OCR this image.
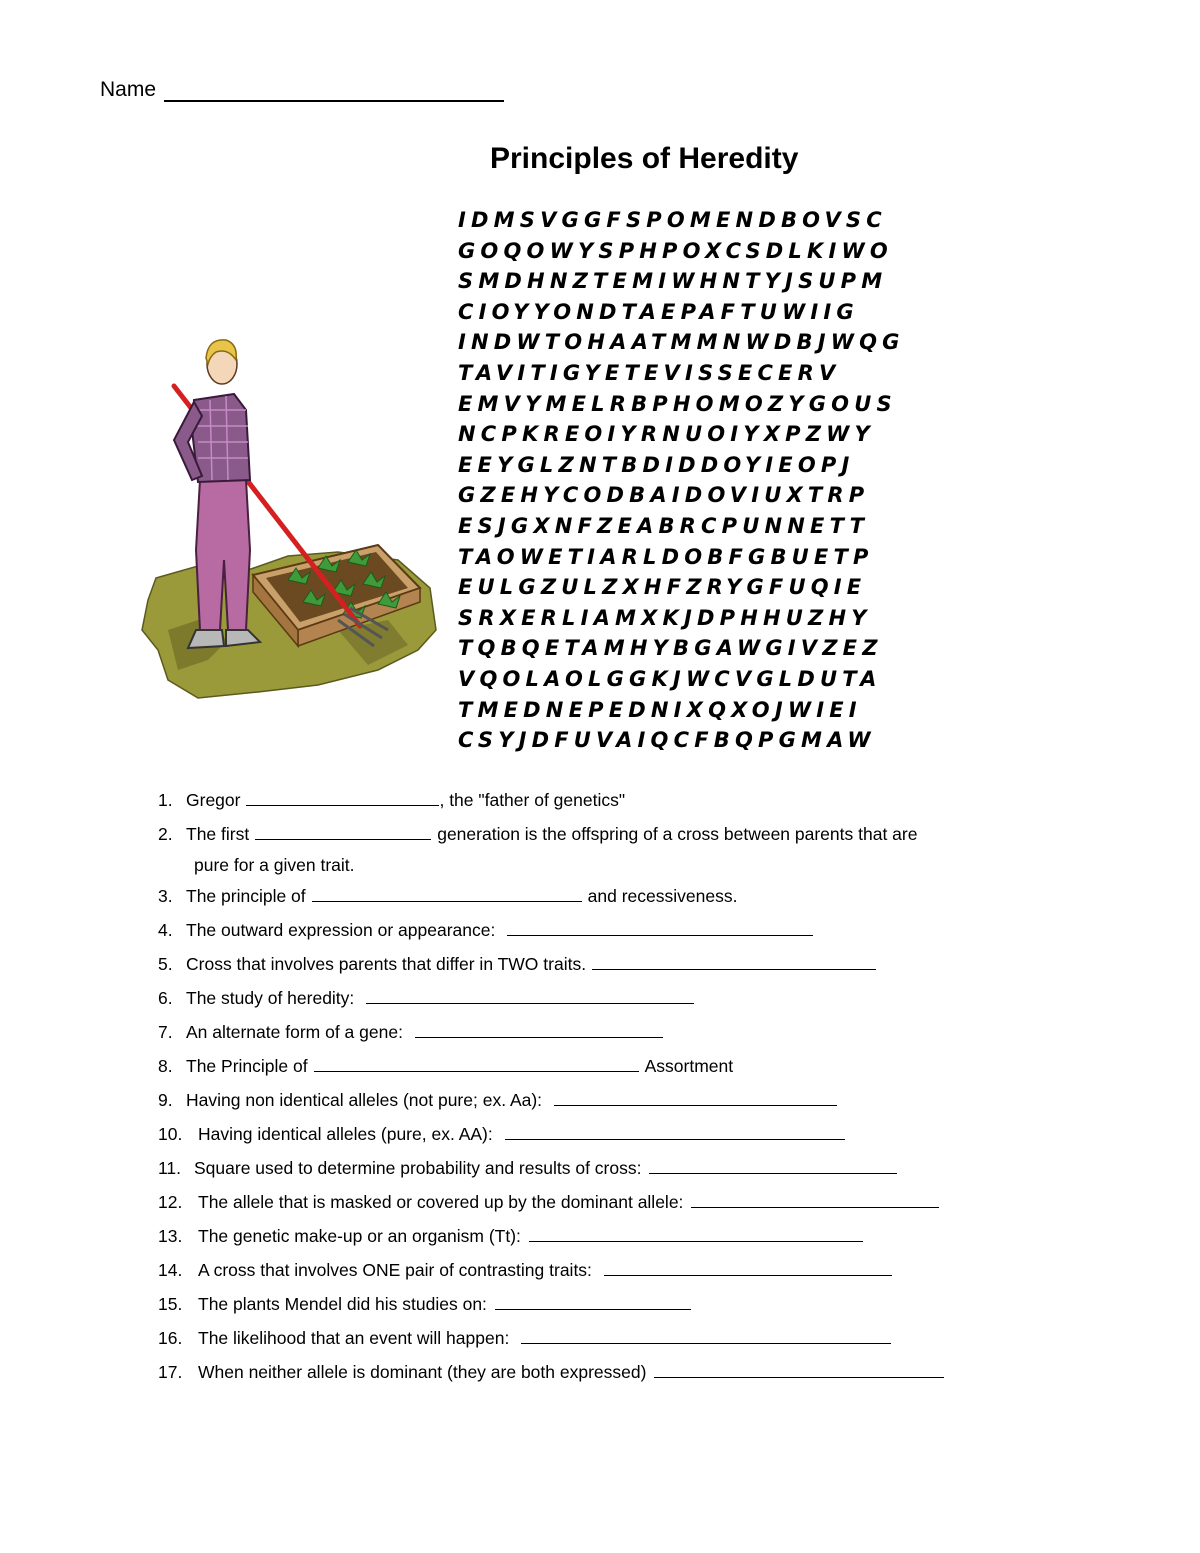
Name
Principles of Heredity
IDMSVGGFSPOMENDBOVSC
GOQOWYSPHPOXCSDLKIWO
SMDHNZTEMIWHNTYJSUPM
CIOYYONDTAEPAFTUWIIG
INDWTOHAATMMNWDBJWQG
TAVITIGYETEVISSECERV
EMVYMELRBPHOMOZYGOUS
NCPKREOIYRNUOIYXPZWY
EEYGLZNTBDIDDOYIEOPJ
GZEHYCODBAIDOVIUXTRP
ESJGXNFZEABRCPUNNETT
TAOWETIARLDOBFGBUETP
EULGZULZXHFZRYGFUQIE
SRXERLIAMXKJDPHHUZHY
TQBQETAMHYBGAWGIVZEZ
VQOLAOLGGKJWCVGLDUTA
TMEDNEPEDNIXQXOJWIEI
CSYJDFUVAIQCFBQPGMAW
1. Gregor	, the "father of genetics"
2. The first	generation is the offspring of a cross between parents that are
pure for a given trait.
3. The principle of	and recessiveness.
4. The outward expression or appearance:
5. Cross that involves parents that differ in TWO traits.
6. The study of heredity:
7. An alternate form of a gene:
8. The Principle of	Assortment
9. Having non identical alleles (not pure; ex. Aa):
10. Having identical alleles (pure, ex. AA):
11. Square used to determine probability and results of cross:
12. The allele that is masked or covered up by the dominant allele:
13. The genetic make-up or an organism (Tt):
14. A cross that involves ONE pair of contrasting traits:
15. The plants Mendel did his studies on:
16. The likelihood that an event will happen:
17. When neither allele is dominant (they are both expressed)
